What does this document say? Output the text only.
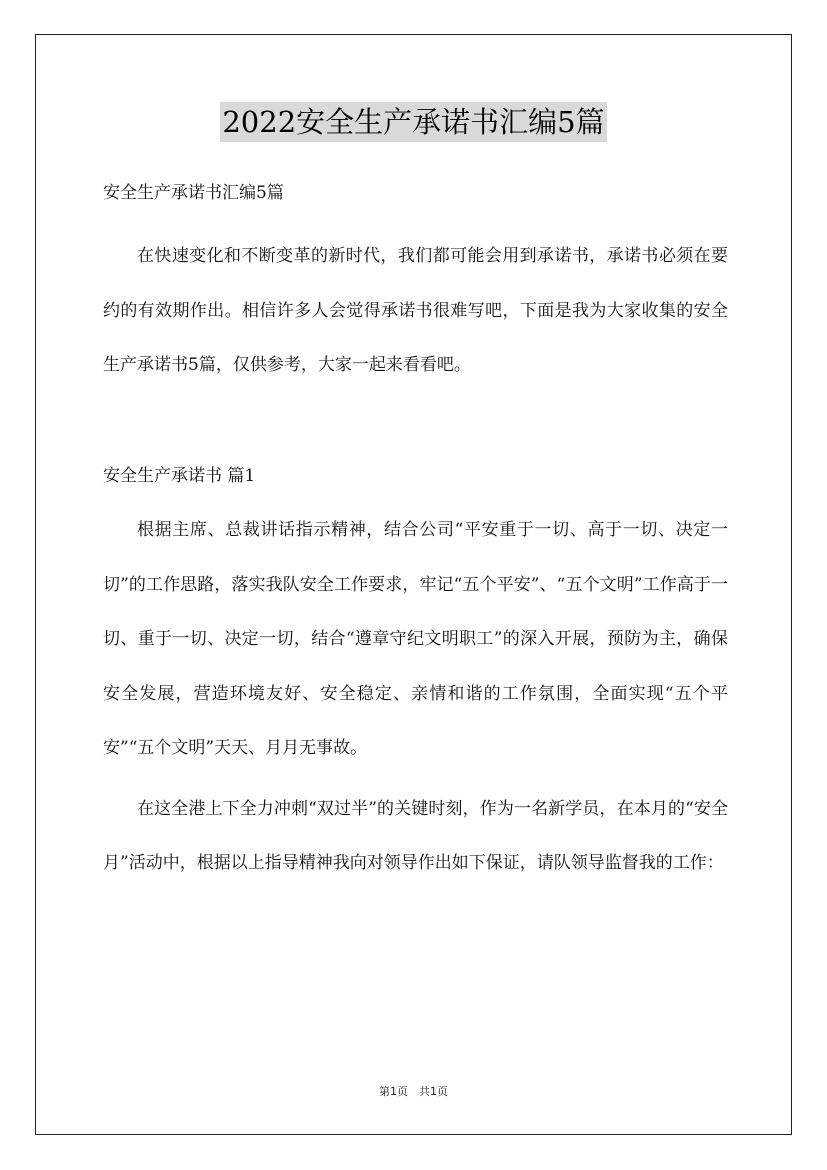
2022安全生产承诺书汇编5篇

安全生产承诺书汇编5篇

在快速变化和不断变革的新时代，我们都可能会用到承诺书，承诺书必须在要约的有效期作出。相信许多人会觉得承诺书很难写吧，下面是我为大家收集的安全生产承诺书5篇，仅供参考，大家一起来看看吧。

安全生产承诺书 篇1

根据主席、总裁讲话指示精神，结合公司“平安重于一切、高于一切、决定一切”的工作思路，落实我队安全工作要求，牢记“五个平安”、“五个文明”工作高于一切、重于一切、决定一切，结合“遵章守纪文明职工”的深入开展，预防为主，确保安全发展，营造环境友好、安全稳定、亲情和谐的工作氛围，全面实现“五个平安”“五个文明”天天、月月无事故。

在这全港上下全力冲刺“双过半”的关键时刻，作为一名新学员，在本月的“安全月”活动中，根据以上指导精神我向对领导作出如下保证，请队领导监督我的工作：

第1页　共1页
